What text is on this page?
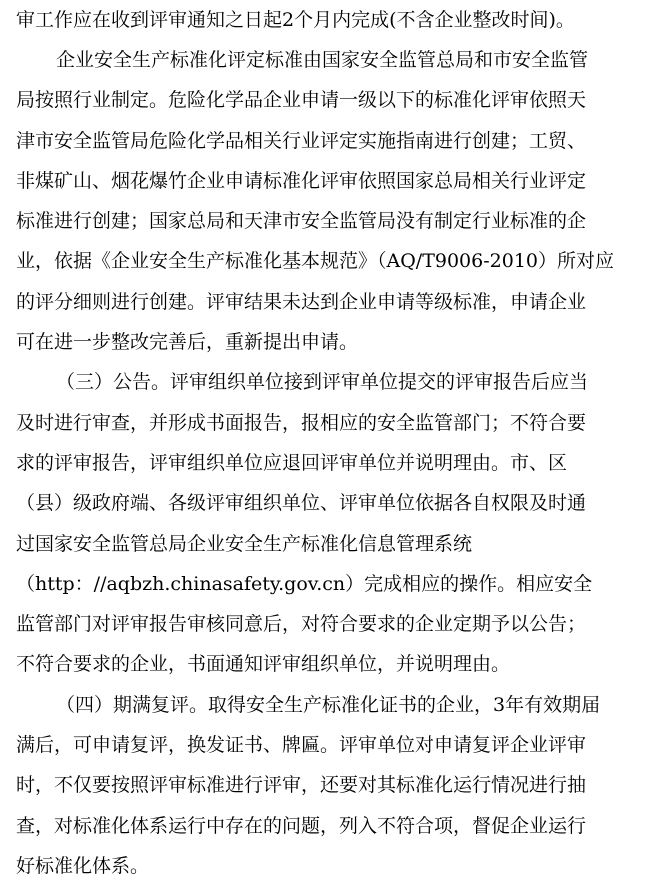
审工作应在收到评审通知之日起2个月内完成(不含企业整改时间)。
企业安全生产标准化评定标准由国家安全监管总局和市安全监管
局按照行业制定。危险化学品企业申请一级以下的标准化评审依照天
津市安全监管局危险化学品相关行业评定实施指南进行创建；工贸、
非煤矿山、烟花爆竹企业申请标准化评审依照国家总局相关行业评定
标准进行创建；国家总局和天津市安全监管局没有制定行业标准的企
业，依据《企业安全生产标准化基本规范》（AQ/T9006-2010）所对应
的评分细则进行创建。评审结果未达到企业申请等级标准，申请企业
可在进一步整改完善后，重新提出申请。
（三）公告。评审组织单位接到评审单位提交的评审报告后应当
及时进行审查，并形成书面报告，报相应的安全监管部门；不符合要
求的评审报告，评审组织单位应退回评审单位并说明理由。市、区
（县）级政府端、各级评审组织单位、评审单位依据各自权限及时通
过国家安全监管总局企业安全生产标准化信息管理系统
（http：//aqbzh.chinasafety.gov.cn）完成相应的操作。相应安全
监管部门对评审报告审核同意后，对符合要求的企业定期予以公告；
不符合要求的企业，书面通知评审组织单位，并说明理由。
（四）期满复评。取得安全生产标准化证书的企业，3年有效期届
满后，可申请复评，换发证书、牌匾。评审单位对申请复评企业评审
时，不仅要按照评审标准进行评审，还要对其标准化运行情况进行抽
查，对标准化体系运行中存在的问题，列入不符合项，督促企业运行
好标准化体系。
